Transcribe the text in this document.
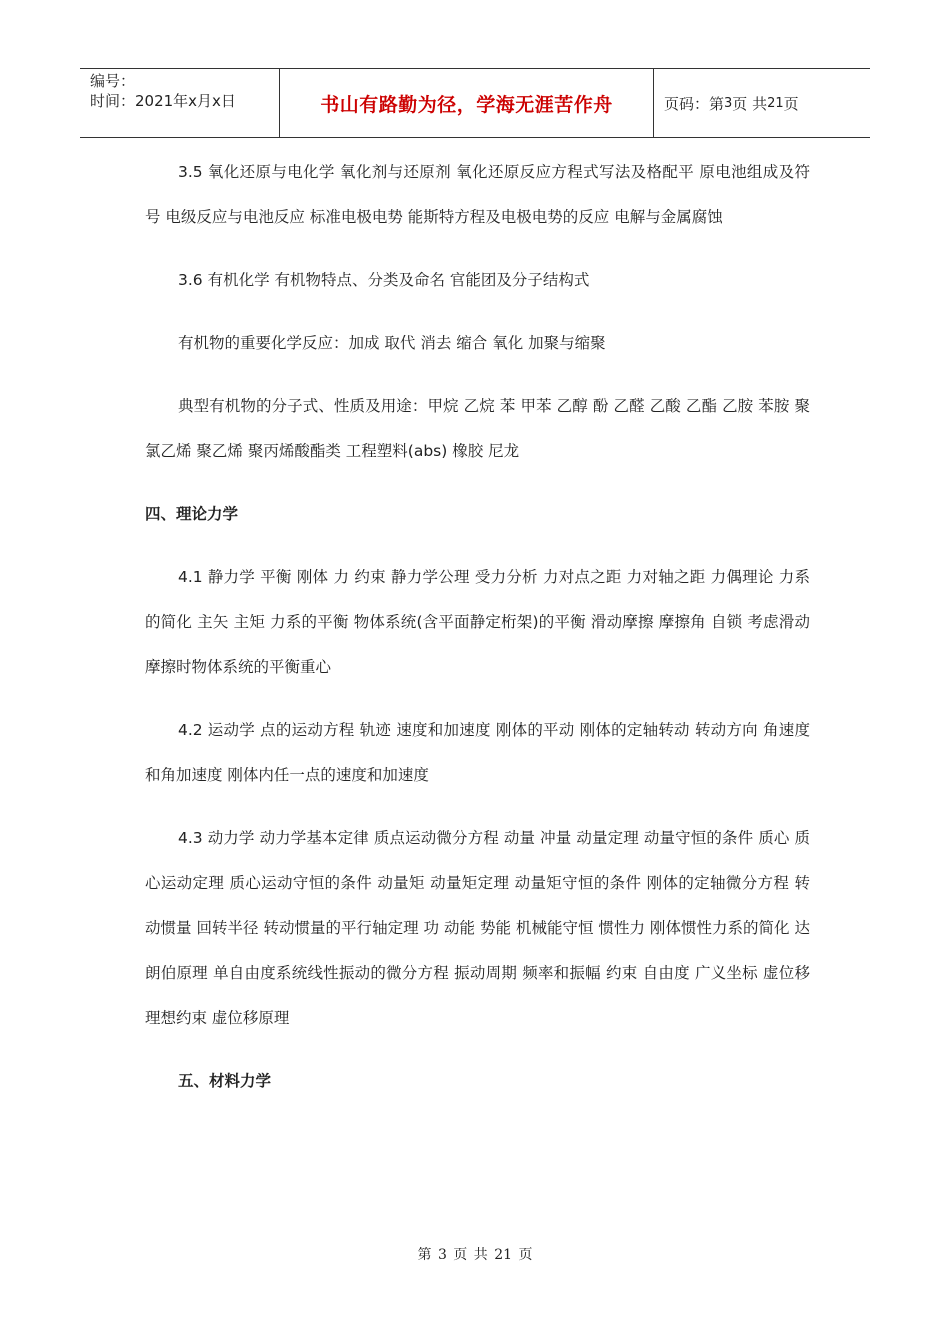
编号：
时间：2021年x月x日	书山有路勤为径，学海无涯苦作舟	页码：第 3 页 共 21 页

3.5 氧化还原与电化学 氧化剂与还原剂 氧化还原反应方程式写法及格配平 原电池组成及符号 电级反应与电池反应 标准电极电势 能斯特方程及电极电势的反应 电解与金属腐蚀

3.6 有机化学 有机物特点、分类及命名 官能团及分子结构式

有机物的重要化学反应：加成 取代 消去 缩合 氧化 加聚与缩聚

典型有机物的分子式、性质及用途：甲烷 乙烷 苯 甲苯 乙醇 酚 乙醛 乙酸 乙酯 乙胺 苯胺 聚氯乙烯 聚乙烯 聚丙烯酸酯类 工程塑料(abs) 橡胶 尼龙

四、理论力学

4.1 静力学 平衡 刚体 力 约束 静力学公理 受力分析 力对点之距 力对轴之距 力偶理论 力系的简化 主矢 主矩 力系的平衡 物体系统(含平面静定桁架)的平衡 滑动摩擦 摩擦角 自锁 考虑滑动摩擦时物体系统的平衡重心

4.2 运动学 点的运动方程 轨迹 速度和加速度 刚体的平动 刚体的定轴转动 转动方向 角速度和角加速度 刚体内任一点的速度和加速度

4.3 动力学 动力学基本定律 质点运动微分方程 动量 冲量 动量定理 动量守恒的条件 质心 质心运动定理 质心运动守恒的条件 动量矩 动量矩定理 动量矩守恒的条件 刚体的定轴微分方程 转动惯量 回转半径 转动惯量的平行轴定理 功 动能 势能 机械能守恒 惯性力 刚体惯性力系的简化 达朗伯原理 单自由度系统线性振动的微分方程 振动周期 频率和振幅 约束 自由度 广义坐标 虚位移 理想约束 虚位移原理

五、材料力学
第 3 页 共 21 页
